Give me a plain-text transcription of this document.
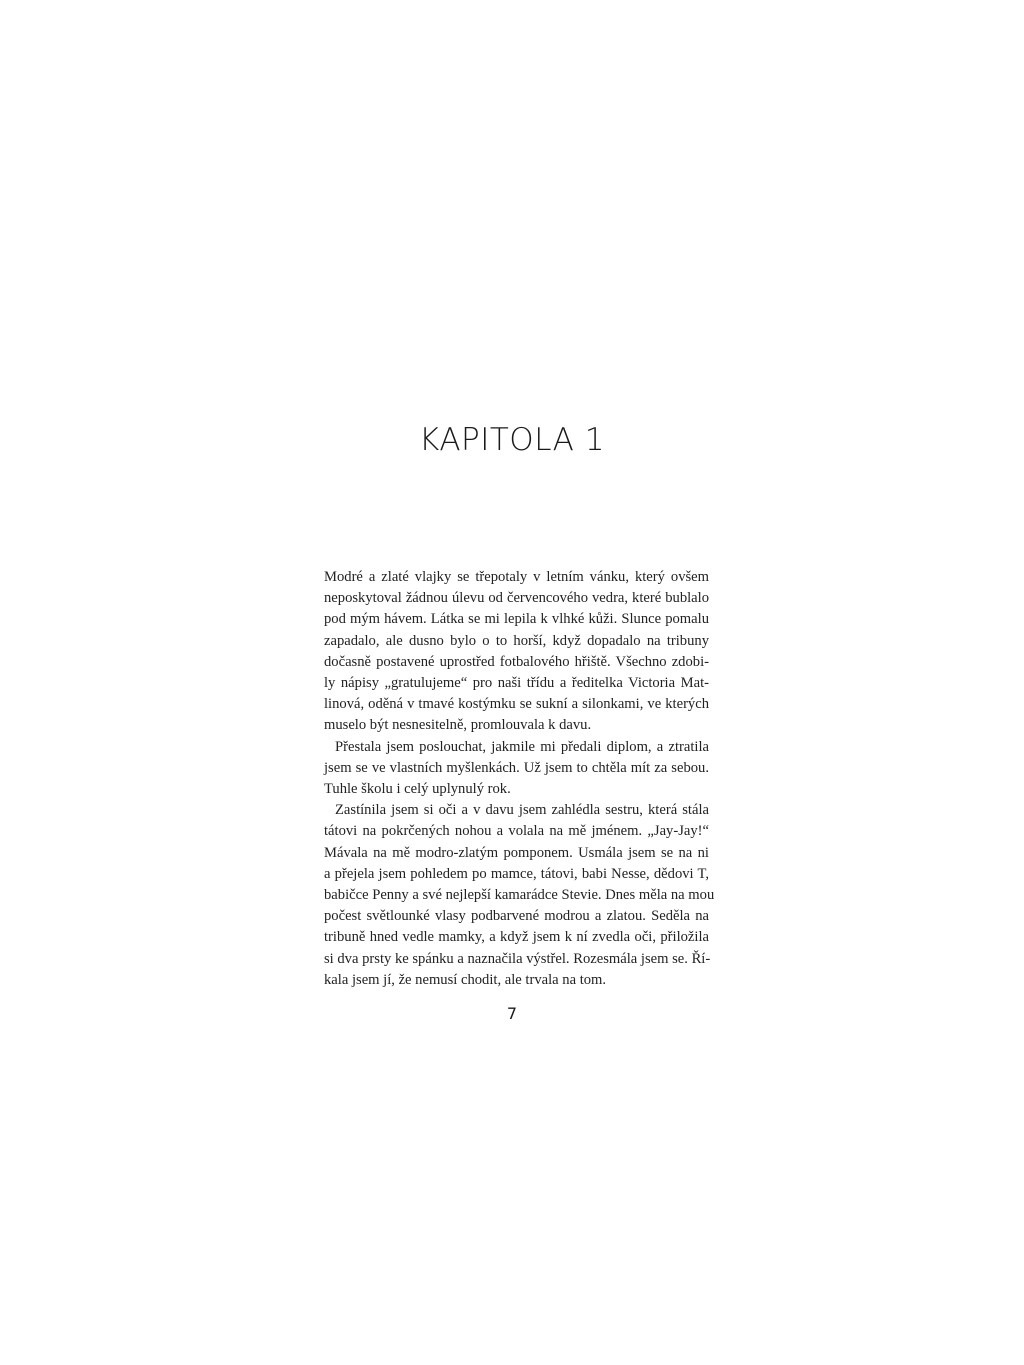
KAPITOLA 1
Modré a zlaté vlajky se třepotaly v letním vánku, který ovšem
neposkytoval žádnou úlevu od červencového vedra, které bublalo
pod mým hávem. Látka se mi lepila k vlhké kůži. Slunce pomalu
zapadalo, ale dusno bylo o to horší, když dopadalo na tribuny
dočasně postavené uprostřed fotbalového hřiště. Všechno zdobi-
ly nápisy „gratulujeme“ pro naši třídu a ředitelka Victoria Mat-
linová, oděná v tmavé kostýmku se sukní a silonkami, ve kterých
muselo být nesnesitelně, promlouvala k davu.
Přestala jsem poslouchat, jakmile mi předali diplom, a ztratila
jsem se ve vlastních myšlenkách. Už jsem to chtěla mít za sebou.
Tuhle školu i celý uplynulý rok.
Zastínila jsem si oči a v davu jsem zahlédla sestru, která stála
tátovi na pokrčených nohou a volala na mě jménem. „Jay-Jay!“
Mávala na mě modro-zlatým pomponem. Usmála jsem se na ni
a přejela jsem pohledem po mamce, tátovi, babi Nesse, dědovi T,
babičce Penny a své nejlepší kamarádce Stevie. Dnes měla na mou
počest světlounké vlasy podbarvené modrou a zlatou. Seděla na
tribuně hned vedle mamky, a když jsem k ní zvedla oči, přiložila
si dva prsty ke spánku a naznačila výstřel. Rozesmála jsem se. Ří-
kala jsem jí, že nemusí chodit, ale trvala na tom.
7
